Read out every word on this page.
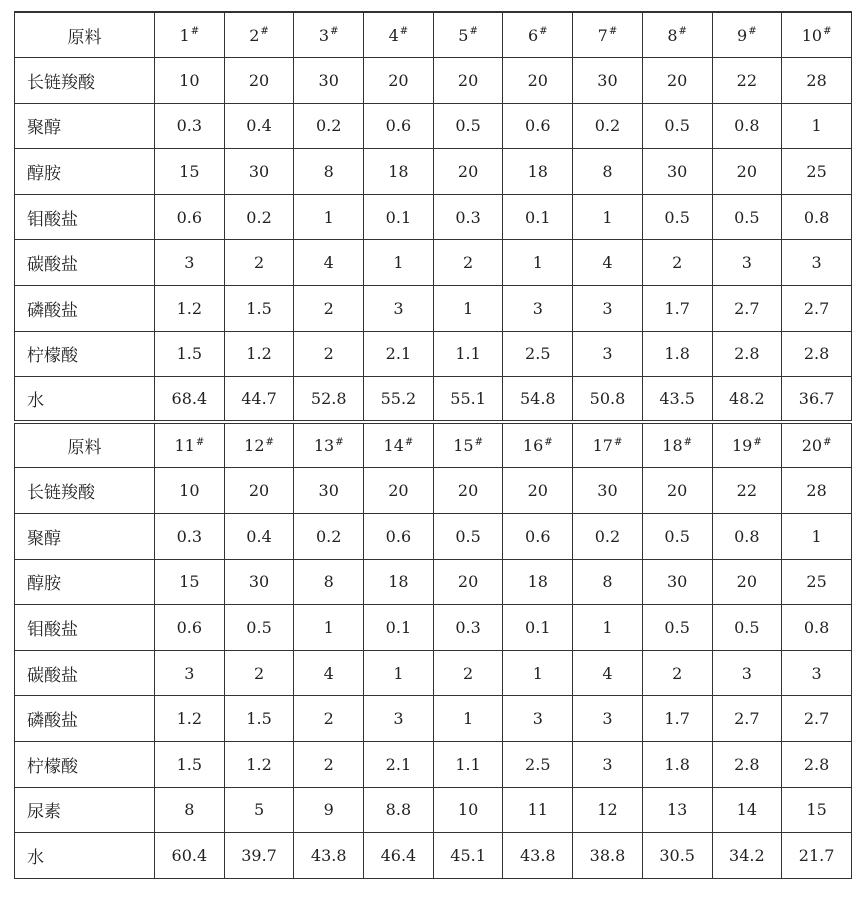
原料	1#	2#	3#	4#	5#	6#	7#	8#	9#	10#
长链羧酸	10	20	30	20	20	20	30	20	22	28
聚醇	0.3	0.4	0.2	0.6	0.5	0.6	0.2	0.5	0.8	1
醇胺	15	30	8	18	20	18	8	30	20	25
钼酸盐	0.6	0.2	1	0.1	0.3	0.1	1	0.5	0.5	0.8
碳酸盐	3	2	4	1	2	1	4	2	3	3
磷酸盐	1.2	1.5	2	3	1	3	3	1.7	2.7	2.7
柠檬酸	1.5	1.2	2	2.1	1.1	2.5	3	1.8	2.8	2.8
水	68.4	44.7	52.8	55.2	55.1	54.8	50.8	43.5	48.2	36.7
原料	11#	12#	13#	14#	15#	16#	17#	18#	19#	20#
长链羧酸	10	20	30	20	20	20	30	20	22	28
聚醇	0.3	0.4	0.2	0.6	0.5	0.6	0.2	0.5	0.8	1
醇胺	15	30	8	18	20	18	8	30	20	25
钼酸盐	0.6	0.5	1	0.1	0.3	0.1	1	0.5	0.5	0.8
碳酸盐	3	2	4	1	2	1	4	2	3	3
磷酸盐	1.2	1.5	2	3	1	3	3	1.7	2.7	2.7
柠檬酸	1.5	1.2	2	2.1	1.1	2.5	3	1.8	2.8	2.8
尿素	8	5	9	8.8	10	11	12	13	14	15
水	60.4	39.7	43.8	46.4	45.1	43.8	38.8	30.5	34.2	21.7
